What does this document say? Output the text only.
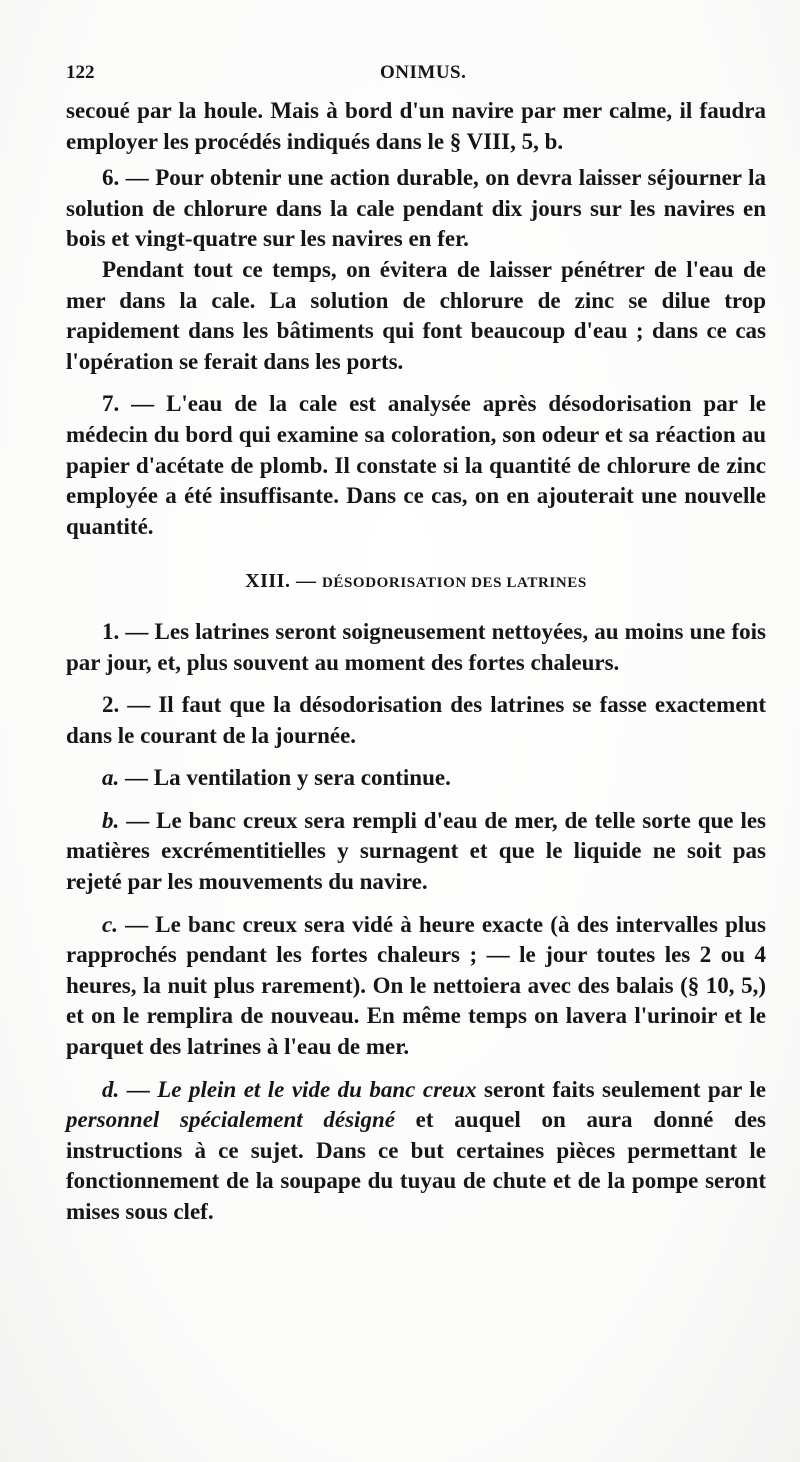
122	ONIMUS.

secoué par la houle. Mais à bord d'un navire par mer calme, il faudra employer les procédés indiqués dans le § VIII, 5, b.

6. — Pour obtenir une action durable, on devra laisser séjourner la solution de chlorure dans la cale pendant dix jours sur les navires en bois et vingt-quatre sur les navires en fer.

Pendant tout ce temps, on évitera de laisser pénétrer de l'eau de mer dans la cale. La solution de chlorure de zinc se dilue trop rapidement dans les bâtiments qui font beaucoup d'eau ; dans ce cas l'opération se ferait dans les ports.

7. — L'eau de la cale est analysée après désodorisation par le médecin du bord qui examine sa coloration, son odeur et sa réaction au papier d'acétate de plomb. Il constate si la quantité de chlorure de zinc employée a été insuffisante. Dans ce cas, on en ajouterait une nouvelle quantité.

XIII. — DÉSODORISATION DES LATRINES

1. — Les latrines seront soigneusement nettoyées, au moins une fois par jour, et, plus souvent au moment des fortes chaleurs.

2. — Il faut que la désodorisation des latrines se fasse exactement dans le courant de la journée.

a. — La ventilation y sera continue.

b. — Le banc creux sera rempli d'eau de mer, de telle sorte que les matières excrémentitielles y surnagent et que le liquide ne soit pas rejeté par les mouvements du navire.

c. — Le banc creux sera vidé à heure exacte (à des intervalles plus rapprochés pendant les fortes chaleurs ; — le jour toutes les 2 ou 4 heures, la nuit plus rarement). On le nettoiera avec des balais (§ 10, 5,) et on le remplira de nouveau. En même temps on lavera l'urinoir et le parquet des latrines à l'eau de mer.

d. — Le plein et le vide du banc creux seront faits seulement par le personnel spécialement désigné et auquel on aura donné des instructions à ce sujet. Dans ce but certaines pièces permettant le fonctionnement de la soupape du tuyau de chute et de la pompe seront mises sous clef.
